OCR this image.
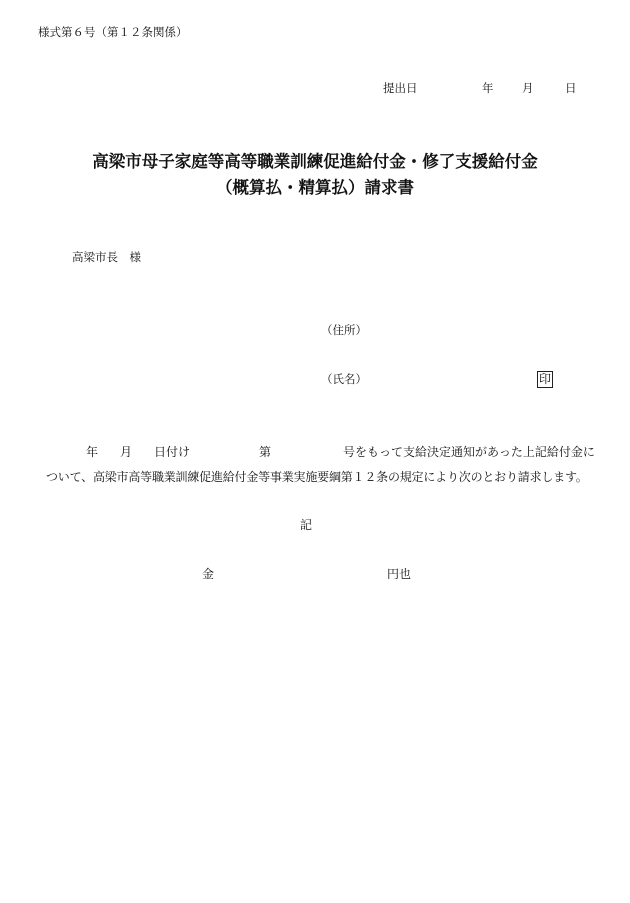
様式第６号（第１２条関係）
提出日	年 月	日
高梁市母子家庭等高等職業訓練促進給付金・修了支援給付金
（概算払・精算払）請求書
高梁市長　様
（住所）
（氏名）	印
年 月 日付け	第	号をもって支給決定通知があった上記給付金に
ついて、高梁市高等職業訓練促進給付金等事業実施要綱第１２条の規定により次のとおり請求します。
記
金	円也
